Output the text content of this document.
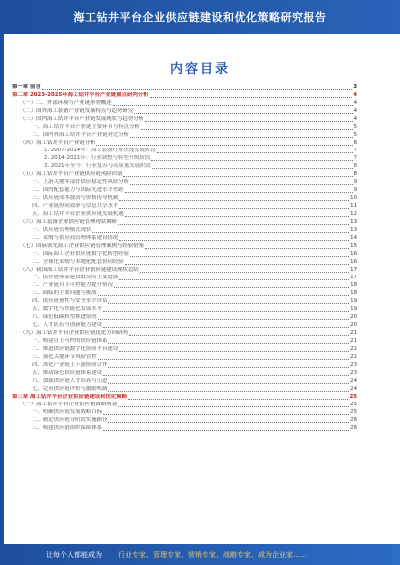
海工钻井平台企业供应链建设和优化策略研究报告
内容目录
第一章 前言	3
第二章 2023-2025年海工钻井平台产业链重点研判分析	4
（一）二、外部环境与产业链形势概述	4
（二）国外海工装备产业链发展特点与趋势研究	4
（三）国内海工钻井平台产业链发展现状与趋势分析	4
一、海工钻井平台产业链主要环节与特点分析	5
二、国内外海工钻井平台产业链对比分析	5
（四）海工钻井平台产业链分析	6
1. 2007-2014年：海工装备行业快速发展阶段	7
2. 2014-2021年：行业调整与转型升级阶段	7
3. 2021年至今：行业复苏与高质量发展阶段	8
（五）海工钻井平台产业链供应链风险识别	8
一、上游关键零部件供应稳定性风险分析	9
二、国内配套能力与国际先进水平差距	9
三、供应链成本波动与价格传导机制	10
四、产业链协同效率与信息共享水平	11
五、海工钻井平台企业供应链发展机遇	12
（六）海工装备企业供应链管理现状调研	13
一、供应链管理模式现状	13
二、采购与供应商管理体系建设情况	14
（七）国际领先海工企业供应链管理案例与经验借鉴	15
一、国际海工企业供应链数字化转型经验	16
二、全球化采购与本地化配套协同经验	16
（八）我国海工钻井平台企业供应链建设现状总结	17
一、供应链体系建设取得的主要进展	17
二、产业链自主可控能力提升情况	18
三、面临的主要问题与挑战	18
四、供应链韧性与安全水平评估	19
五、数字化与智能化发展水平	19
六、绿色低碳转型推进情况	20
七、人才队伍与创新能力建设	20
（九）海工钻井平台企业供应链优化方向研判	21
一、构建自主可控的供应链体系	21
二、推进供应链数字化协同平台建设	22
三、强化关键环节风险管控	22
四、深化产业链上下游协同合作	23
五、推动绿色供应链体系建设	23
六、加强供应链人才培养与引进	24
七、完善供应链评价与激励机制	24
第三章 海工钻井平台企业供应链建设和优化策略	25
（一）海工钻井平台企业供应链战略规划	25
一、明确供应链发展战略目标	25
二、制定供应链分阶段实施路径	26
三、构建供应链组织保障体系	26
让每个人都能成为 行业专家、管理专家、营销专家、战略专家、成为企业家……
